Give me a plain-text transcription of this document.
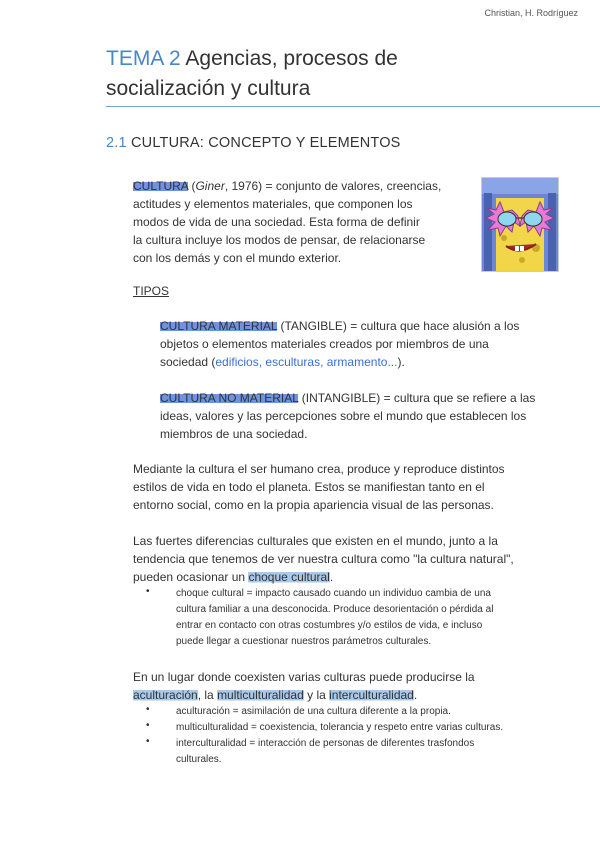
Christian, H. Rodríguez
TEMA 2 Agencias, procesos de
socialización y cultura
2.1 CULTURA: CONCEPTO Y ELEMENTOS
CULTURA (Giner, 1976) = conjunto de valores, creencias,
actitudes y elementos materiales, que componen los
modos de vida de una sociedad. Esta forma de definir
la cultura incluye los modos de pensar, de relacionarse
con los demás y con el mundo exterior.
TIPOS
CULTURA MATERIAL (TANGIBLE) = cultura que hace alusión a los
objetos o elementos materiales creados por miembros de una
sociedad (edificios, esculturas, armamento...).
CULTURA NO MATERIAL (INTANGIBLE) = cultura que se refiere a las
ideas, valores y las percepciones sobre el mundo que establecen los
miembros de una sociedad.
Mediante la cultura el ser humano crea, produce y reproduce distintos
estilos de vida en todo el planeta. Estos se manifiestan tanto en el
entorno social, como en la propia apariencia visual de las personas.
Las fuertes diferencias culturales que existen en el mundo, junto a la
tendencia que tenemos de ver nuestra cultura como "la cultura natural",
pueden ocasionar un choque cultural.
•	choque cultural = impacto causado cuando un individuo cambia de una
cultura familiar a una desconocida. Produce desorientación o pérdida al
entrar en contacto con otras costumbres y/o estilos de vida, e incluso
puede llegar a cuestionar nuestros parámetros culturales.
En un lugar donde coexisten varias culturas puede producirse la
aculturación, la multiculturalidad y la interculturalidad.
•	aculturación = asimilación de una cultura diferente a la propia.
•	multiculturalidad = coexistencia, tolerancia y respeto entre varias culturas.
•	interculturalidad = interacción de personas de diferentes trasfondos
culturales.
